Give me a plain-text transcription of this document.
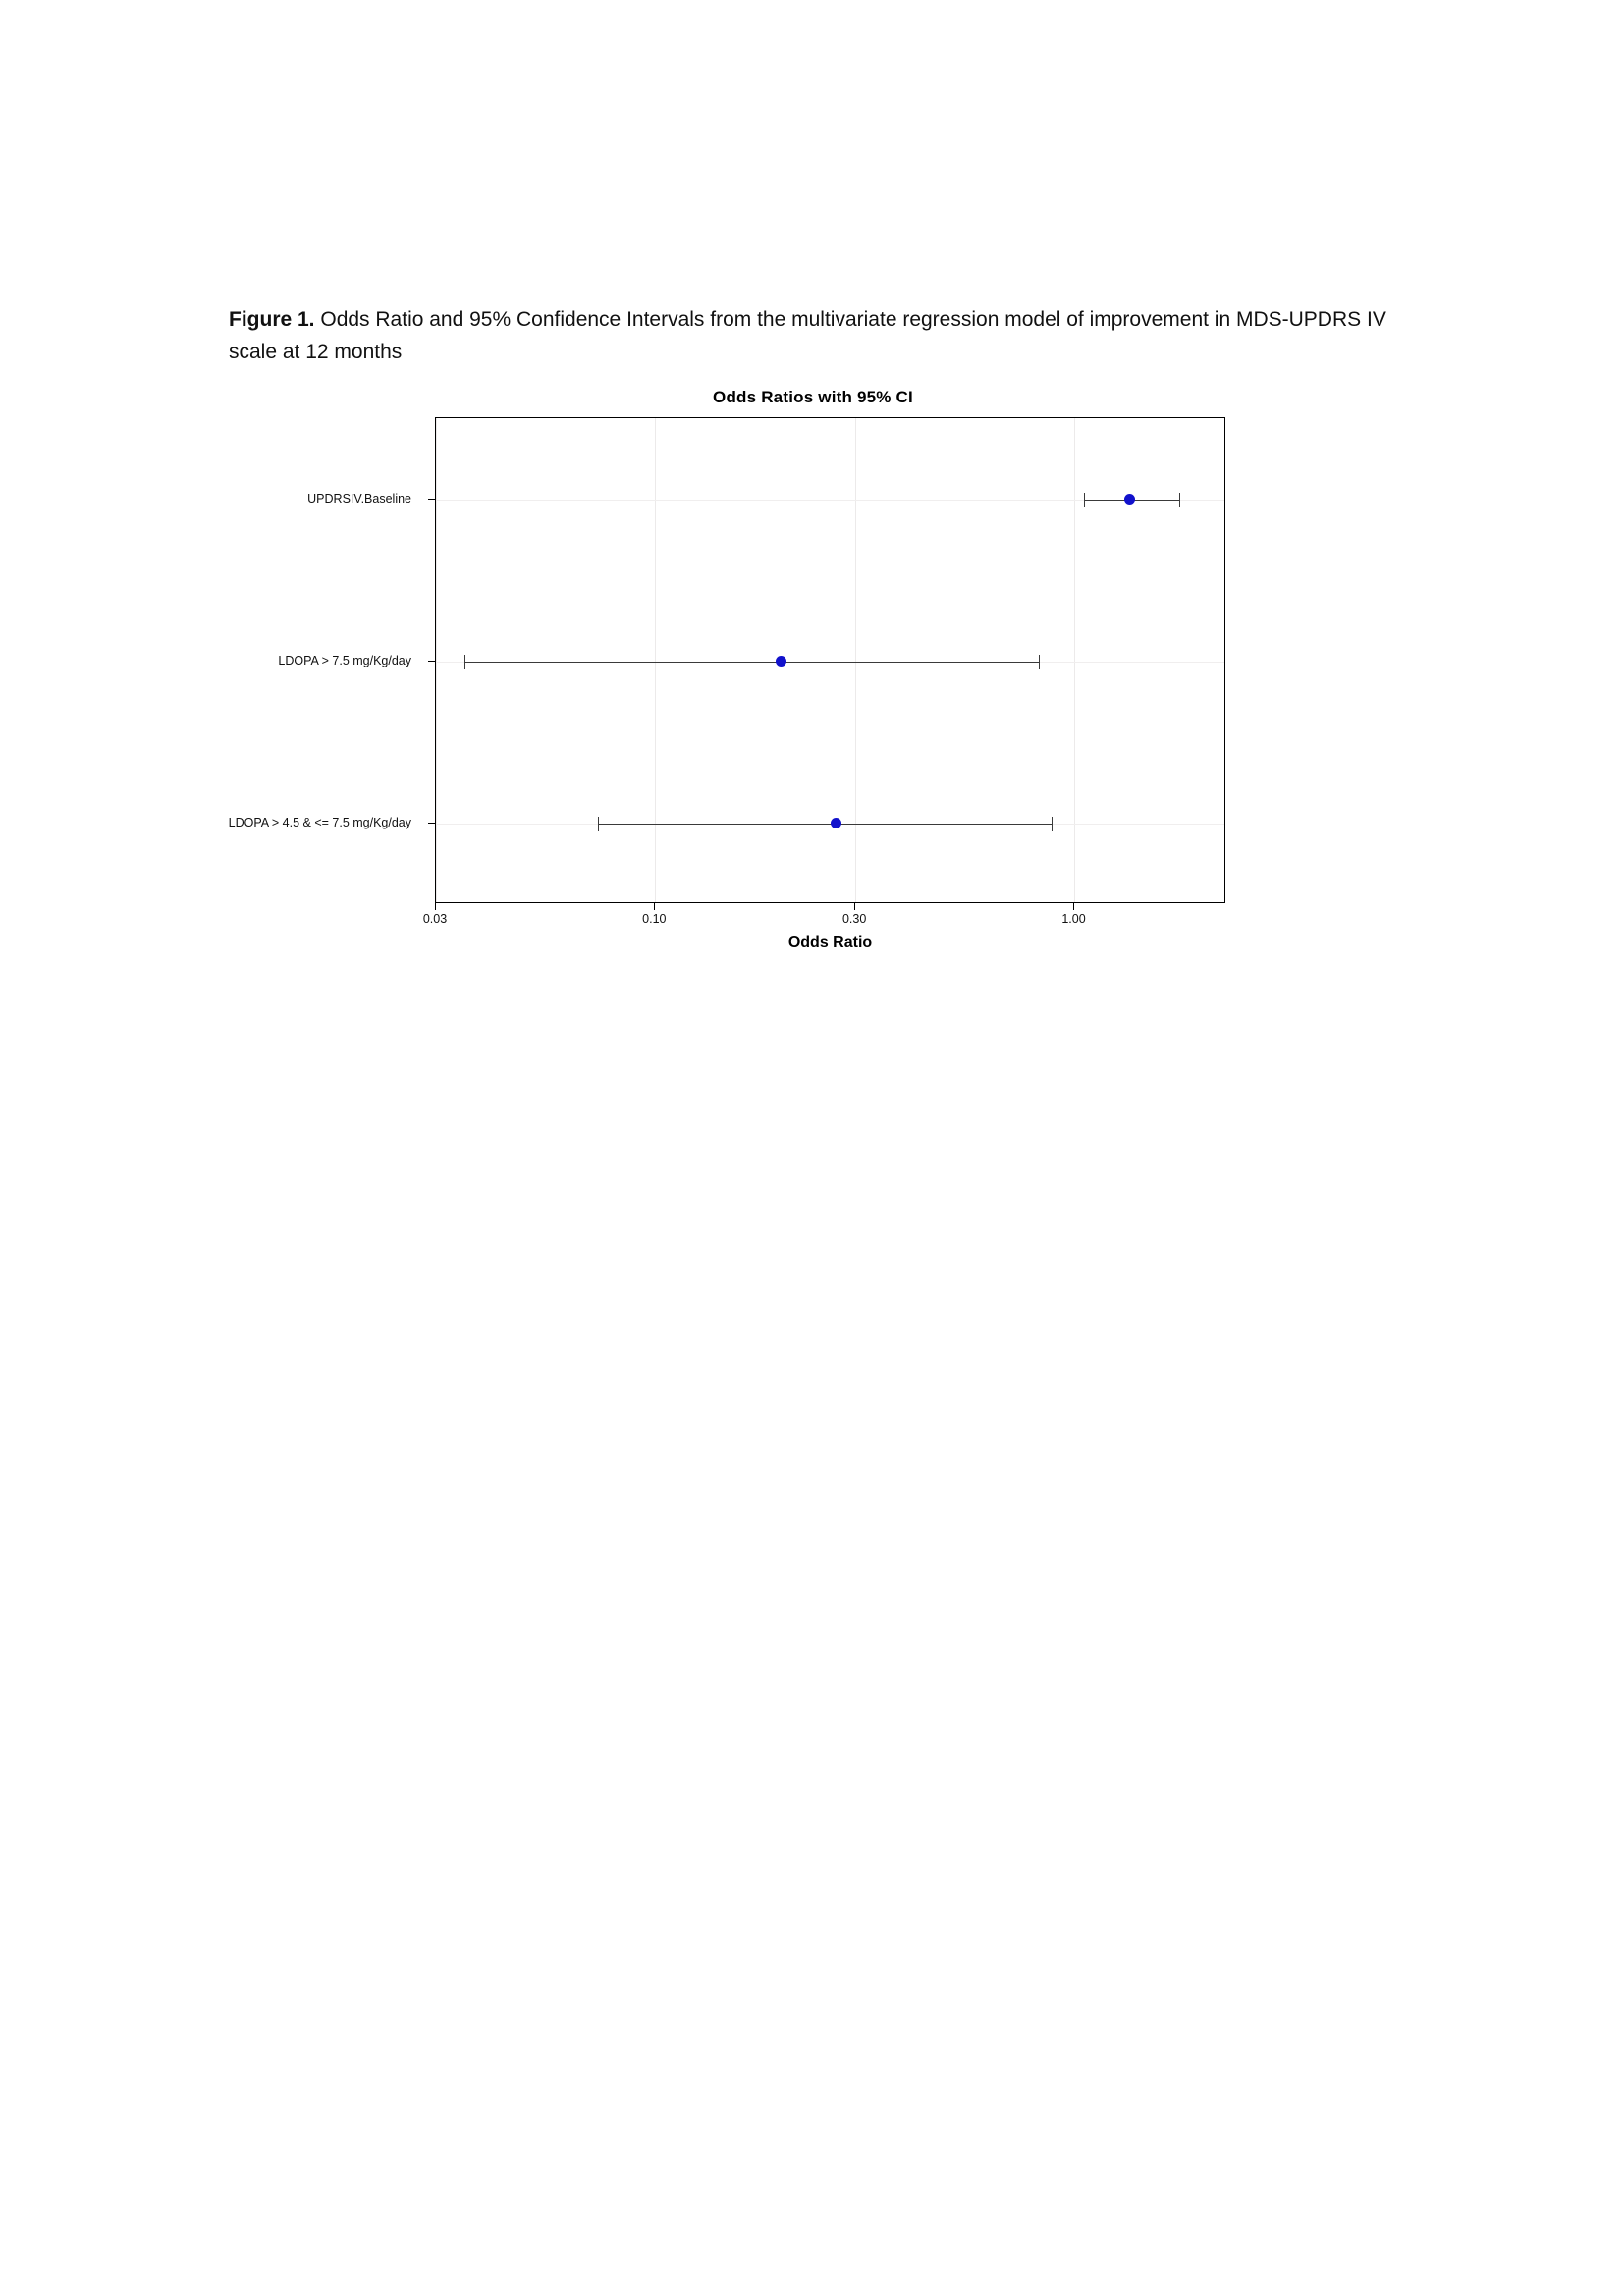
Figure 1. Odds Ratio and 95% Confidence Intervals from the multivariate regression model of improvement in MDS-UPDRS IV scale at 12 months
Odds Ratios with 95% CI
UPDRSIV.Baseline
LDOPA > 7.5 mg/Kg/day
LDOPA > 4.5 & <= 7.5 mg/Kg/day
0.03	0.10	0.30	1.00
Odds Ratio
